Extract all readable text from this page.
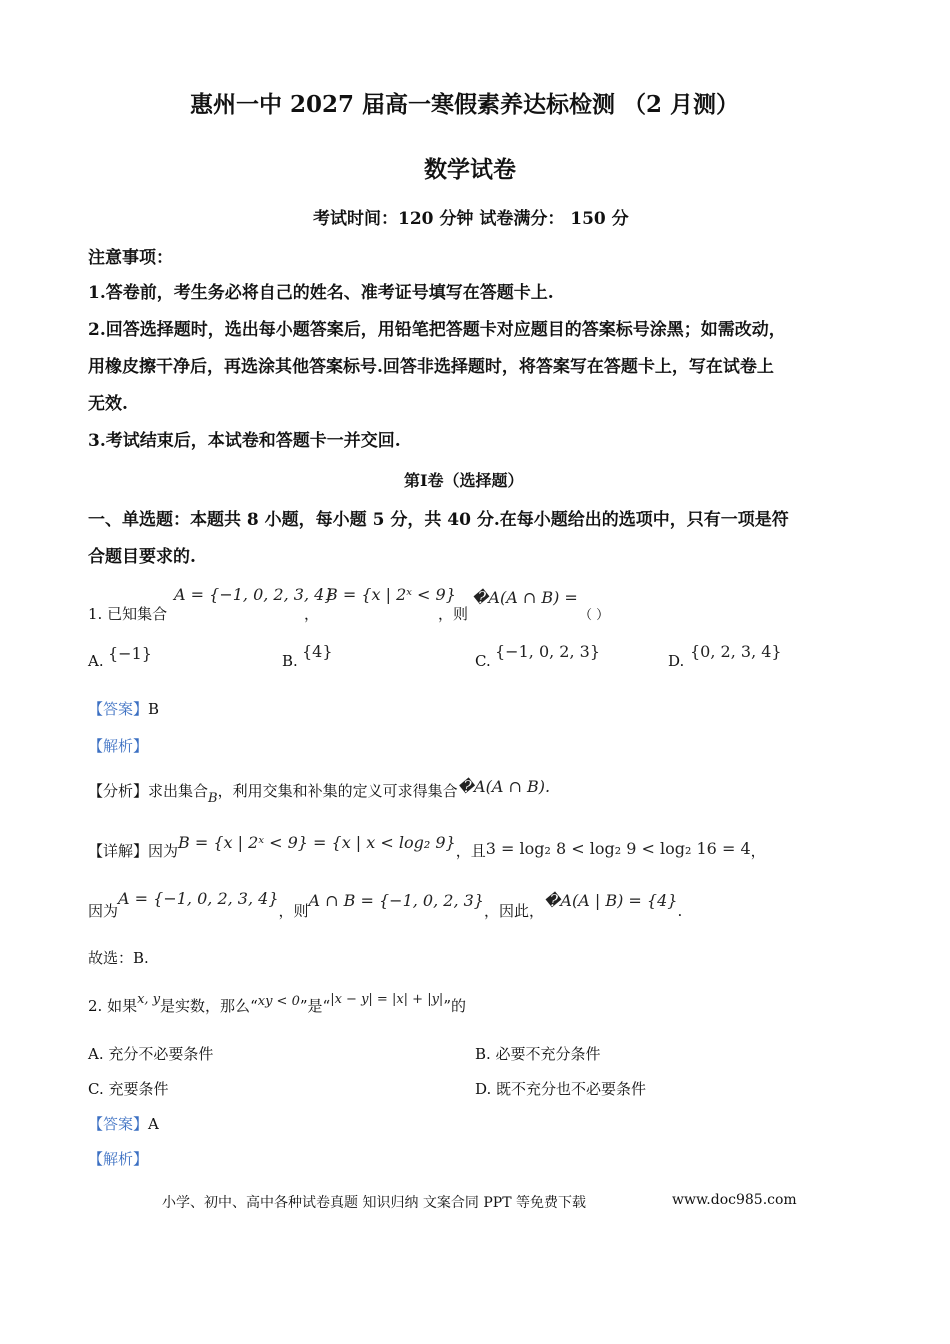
惠州一中 2027 届高一寒假素养达标检测 （2 月测）
数学试卷
考试时间：120 分钟 试卷满分： 150 分
注意事项：
1.答卷前，考生务必将自己的姓名、准考证号填写在答题卡上.
2.回答选择题时，选出每小题答案后，用铅笔把答题卡对应题目的答案标号涂黑；如需改动，
用橡皮擦干净后，再选涂其他答案标号.回答非选择题时，将答案写在答题卡上，写在试卷上
无效.
3.考试结束后，本试卷和答题卡一并交回.
第Ⅰ卷（选择题）
一、单选题：本题共 8 小题，每小题 5 分，共 40 分.在每小题给出的选项中，只有一项是符
合题目要求的.
1. 已知集合
A = {−1, 0, 2, 3, 4}
，
B = {x | 2ˣ < 9}
，则
�A(A ∩ B) =
（ ）
A. {−1}	B. {4}	C. {−1, 0, 2, 3}	D. {0, 2, 3, 4}
【答案】B
【解析】
【分析】求出集合B，利用交集和补集的定义可求得集合�A(A ∩ B).
【详解】因为B = {x | 2ˣ < 9} = {x | x < log₂ 9}，且3 = log₂ 8 < log₂ 9 < log₂ 16 = 4，
因为A = {−1, 0, 2, 3, 4}，则A ∩ B = {−1, 0, 2, 3}，因此，�A(A | B) = {4}.
故选：B.
2. 如果x, y是实数，那么“xy < 0”是“|x − y| = |x| + |y|”的
A. 充分不必要条件	B. 必要不充分条件
C. 充要条件	D. 既不充分也不必要条件
【答案】A
【解析】
小学、初中、高中各种试卷真题 知识归纳 文案合同 PPT 等免费下载	www.doc985.com
